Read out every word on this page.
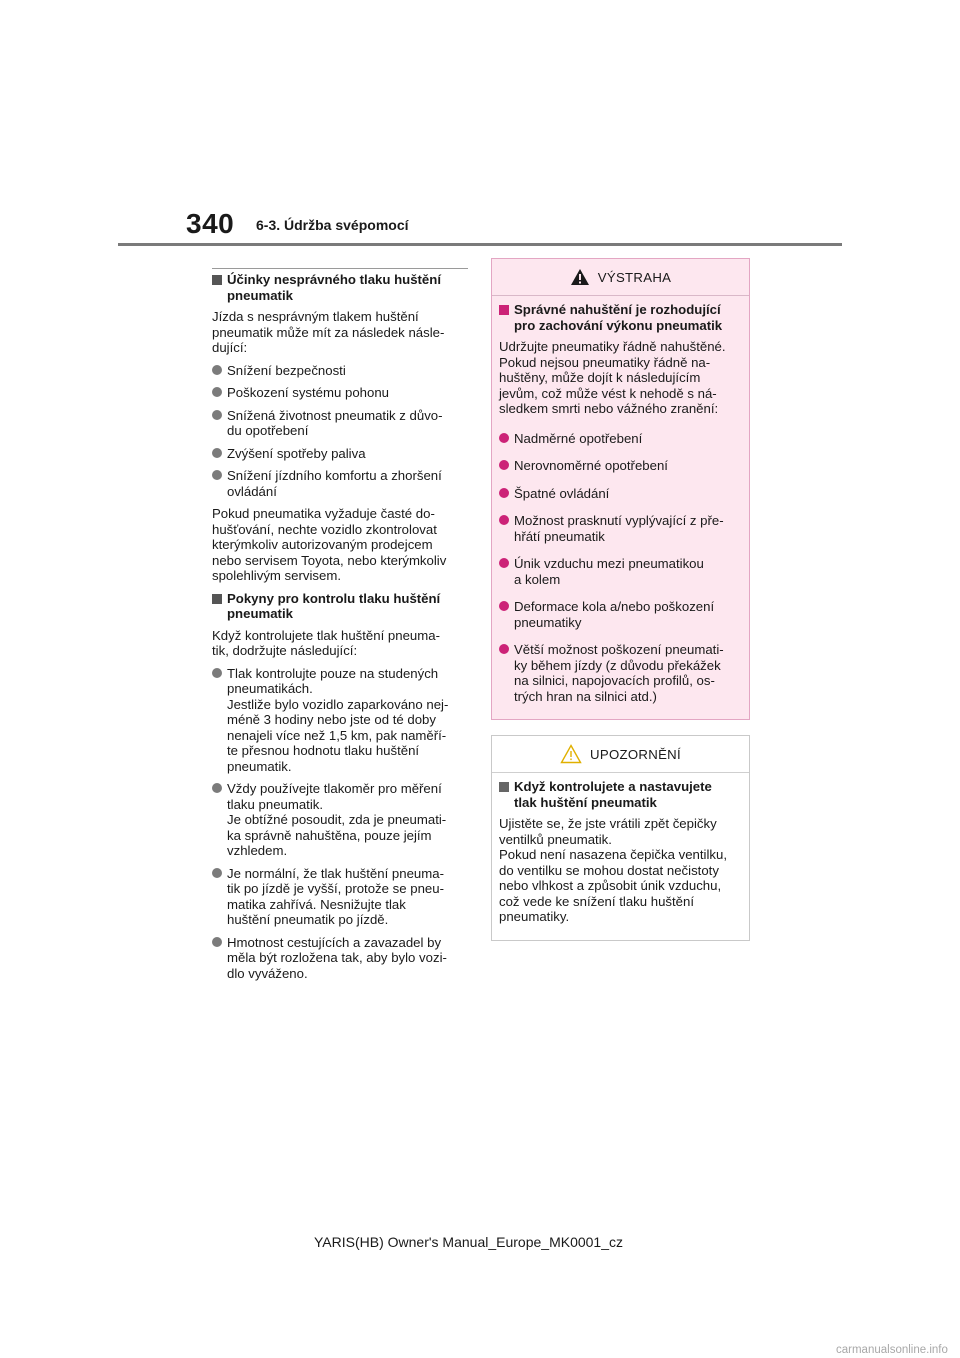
340 6-3. Údržba svépomocí
Účinky nesprávného tlaku huštění
pneumatik
Jízda s nesprávným tlakem huštění
pneumatik může mít za následek násle-
dující:
Snížení bezpečnosti
Poškození systému pohonu
Snížená životnost pneumatik z důvo-
du opotřebení
Zvýšení spotřeby paliva
Snížení jízdního komfortu a zhoršení
ovládání
Pokud pneumatika vyžaduje časté do-
hušťování, nechte vozidlo zkontrolovat
kterýmkoliv autorizovaným prodejcem
nebo servisem Toyota, nebo kterýmkoliv
spolehlivým servisem.
Pokyny pro kontrolu tlaku huštění
pneumatik
Když kontrolujete tlak huštění pneuma-
tik, dodržujte následující:
Tlak kontrolujte pouze na studených
pneumatikách.
Jestliže bylo vozidlo zaparkováno nej-
méně 3 hodiny nebo jste od té doby
nenajeli více než 1,5 km, pak naměří-
te přesnou hodnotu tlaku huštění
pneumatik.
Vždy používejte tlakoměr pro měření
tlaku pneumatik.
Je obtížné posoudit, zda je pneumati-
ka správně nahuštěna, pouze jejím
vzhledem.
Je normální, že tlak huštění pneuma-
tik po jízdě je vyšší, protože se pneu-
matika zahřívá. Nesnižujte tlak
huštění pneumatik po jízdě.
Hmotnost cestujících a zavazadel by
měla být rozložena tak, aby bylo vozi-
dlo vyváženo.
VÝSTRAHA
Správné nahuštění je rozhodující
pro zachování výkonu pneumatik
Udržujte pneumatiky řádně nahuštěné.
Pokud nejsou pneumatiky řádně na-
huštěny, může dojít k následujícím
jevům, což může vést k nehodě s ná-
sledkem smrti nebo vážného zranění:
Nadměrné opotřebení
Nerovnoměrné opotřebení
Špatné ovládání
Možnost prasknutí vyplývající z pře-
hřátí pneumatik
Únik vzduchu mezi pneumatikou
a kolem
Deformace kola a/nebo poškození
pneumatiky
Větší možnost poškození pneumati-
ky během jízdy (z důvodu překážek
na silnici, napojovacích profilů, os-
trých hran na silnici atd.)
UPOZORNĚNÍ
Když kontrolujete a nastavujete
tlak huštění pneumatik
Ujistěte se, že jste vrátili zpět čepičky
ventilků pneumatik.
Pokud není nasazena čepička ventilku,
do ventilku se mohou dostat nečistoty
nebo vlhkost a způsobit únik vzduchu,
což vede ke snížení tlaku huštění
pneumatiky.
YARIS(HB) Owner's Manual_Europe_MK0001_cz
carmanualsonline.info
